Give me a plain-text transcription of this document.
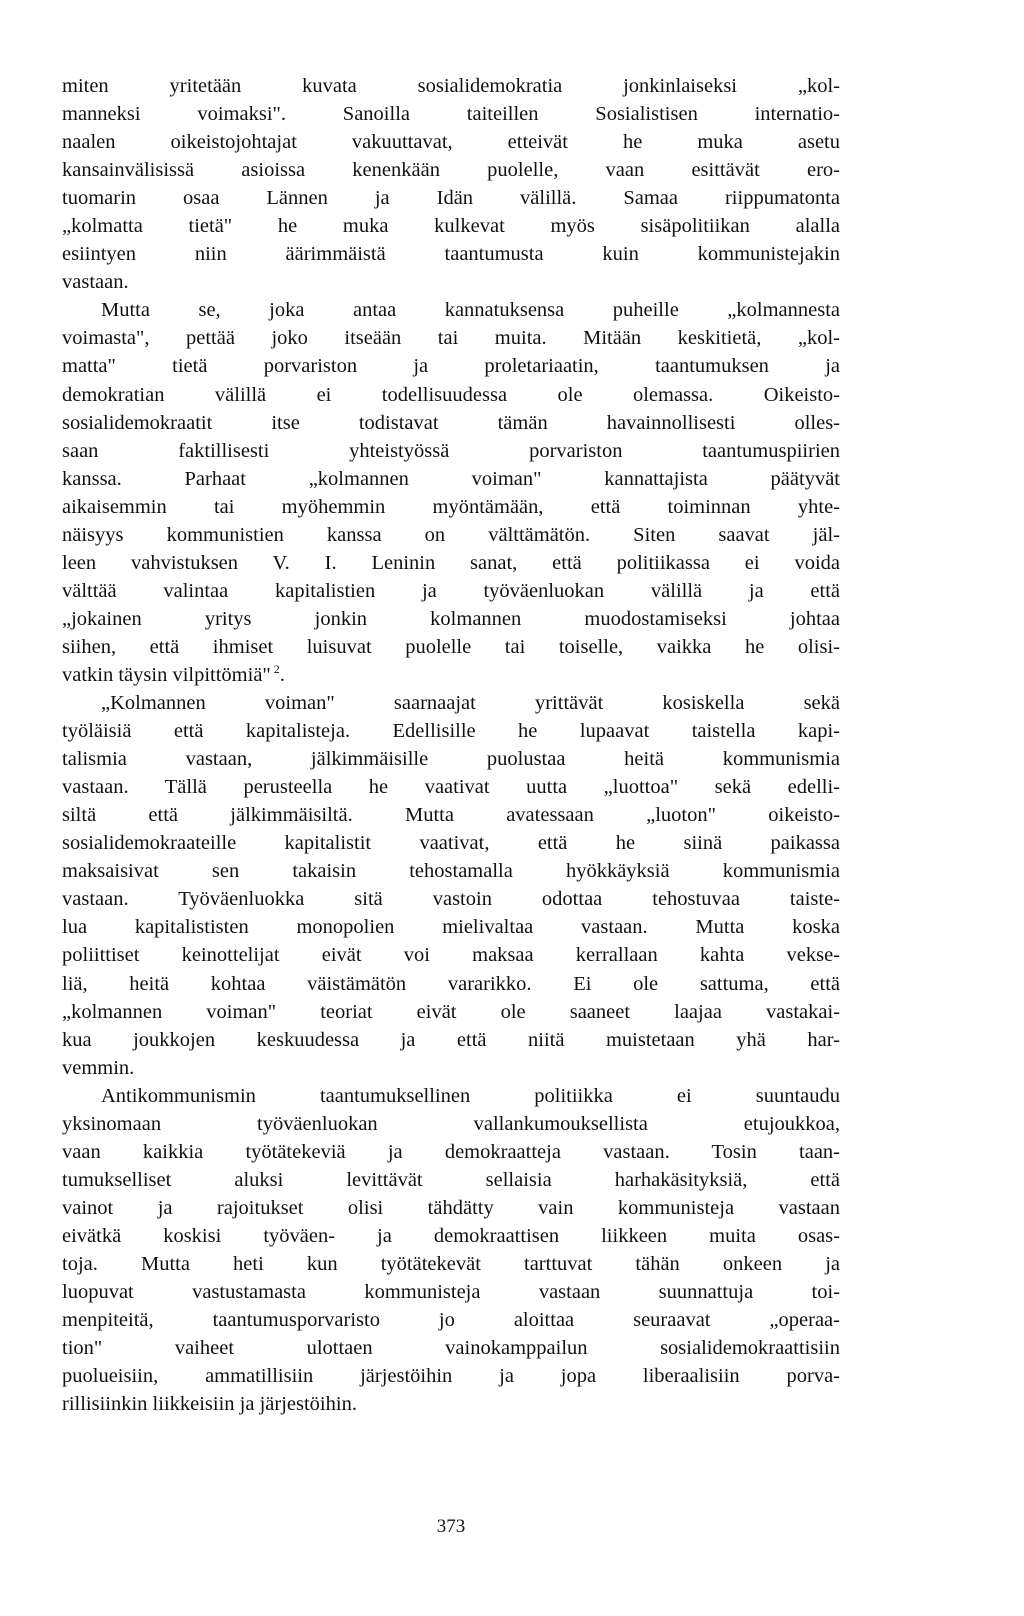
miten yritetään kuvata sosialidemokratia jonkinlaiseksi „kol-
manneksi voimaksi". Sanoilla taiteillen Sosialistisen internatio-
naalen oikeistojohtajat vakuuttavat, etteivät he muka asetu
kansainvälisissä asioissa kenenkään puolelle, vaan esittävät ero-
tuomarin osaa Lännen ja Idän välillä. Samaa riippumatonta
„kolmatta tietä" he muka kulkevat myös sisäpolitiikan alalla
esiintyen niin äärimmäistä taantumusta kuin kommunistejakin
vastaan.
Mutta se, joka antaa kannatuksensa puheille „kolmannesta
voimasta", pettää joko itseään tai muita. Mitään keskitietä, „kol-
matta" tietä porvariston ja proletariaatin, taantumuksen ja
demokratian välillä ei todellisuudessa ole olemassa. Oikeisto-
sosialidemokraatit itse todistavat tämän havainnollisesti olles-
saan faktillisesti yhteistyössä porvariston taantumuspiirien
kanssa. Parhaat „kolmannen voiman" kannattajista päätyvät
aikaisemmin tai myöhemmin myöntämään, että toiminnan yhte-
näisyys kommunistien kanssa on välttämätön. Siten saavat jäl-
leen vahvistuksen V. I. Leninin sanat, että politiikassa ei voida
välttää valintaa kapitalistien ja työväenluokan välillä ja että
„jokainen yritys jonkin kolmannen muodostamiseksi johtaa
siihen, että ihmiset luisuvat puolelle tai toiselle, vaikka he olisi-
vatkin täysin vilpittömiä" $^2$.
„Kolmannen voiman" saarnaajat yrittävät kosiskella sekä
työläisiä että kapitalisteja. Edellisille he lupaavat taistella kapi-
talismia vastaan, jälkimmäisille puolustaa heitä kommunismia
vastaan. Tällä perusteella he vaativat uutta „luottoa" sekä edelli-
siltä että jälkimmäisiltä. Mutta avatessaan „luoton" oikeisto-
sosialidemokraateille kapitalistit vaativat, että he siinä paikassa
maksaisivat sen takaisin tehostamalla hyökkäyksiä kommunismia
vastaan. Työväenluokka sitä vastoin odottaa tehostuvaa taiste-
lua kapitalististen monopolien mielivaltaa vastaan. Mutta koska
poliittiset keinottelijat eivät voi maksaa kerrallaan kahta vekse-
liä, heitä kohtaa väistämätön vararikko. Ei ole sattuma, että
„kolmannen voiman" teoriat eivät ole saaneet laajaa vastakai-
kua joukkojen keskuudessa ja että niitä muistetaan yhä har-
vemmin.
Antikommunismin taantumuksellinen politiikka ei suuntaudu
yksinomaan työväenluokan vallankumouksellista etujoukkoa,
vaan kaikkia työtätekeviä ja demokraatteja vastaan. Tosin taan-
tumukselliset aluksi levittävät sellaisia harhakäsityksiä, että
vainot ja rajoitukset olisi tähdätty vain kommunisteja vastaan
eivätkä koskisi työväen- ja demokraattisen liikkeen muita osas-
toja. Mutta heti kun työtätekevät tarttuvat tähän onkeen ja
luopuvat vastustamasta kommunisteja vastaan suunnattuja toi-
menpiteitä, taantumusporvaristo jo aloittaa seuraavat „operaa-
tion" vaiheet ulottaen vainokamppailun sosialidemokraattisiin
puolueisiin, ammatillisiin järjestöihin ja jopa liberaalisiin porva-
rillisiinkin liikkeisiin ja järjestöihin.
373
